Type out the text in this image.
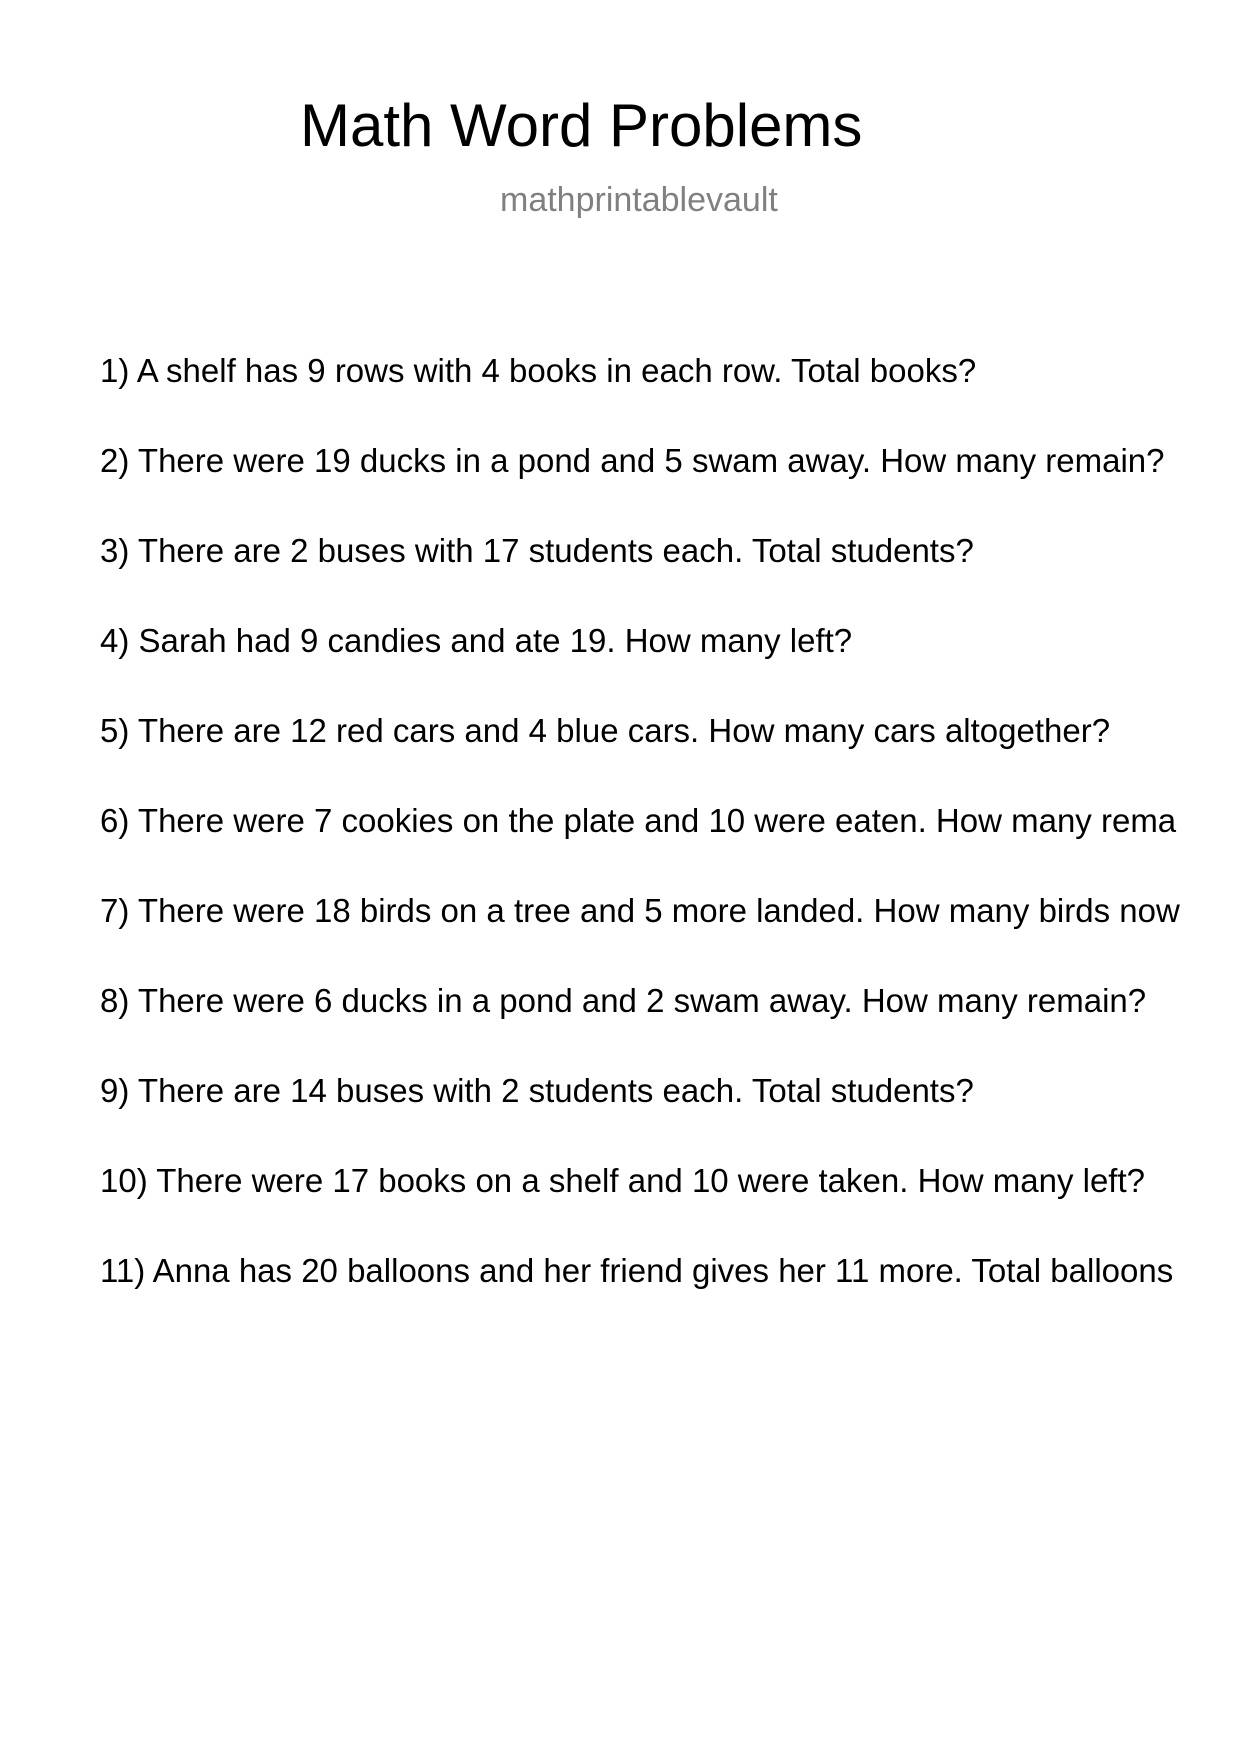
Math Word Problems
mathprintablevault
1) A shelf has 9 rows with 4 books in each row. Total books?
2) There were 19 ducks in a pond and 5 swam away. How many remain?
3) There are 2 buses with 17 students each. Total students?
4) Sarah had 9 candies and ate 19. How many left?
5) There are 12 red cars and 4 blue cars. How many cars altogether?
6) There were 7 cookies on the plate and 10 were eaten. How many rema
7) There were 18 birds on a tree and 5 more landed. How many birds now
8) There were 6 ducks in a pond and 2 swam away. How many remain?
9) There are 14 buses with 2 students each. Total students?
10) There were 17 books on a shelf and 10 were taken. How many left?
11) Anna has 20 balloons and her friend gives her 11 more. Total balloons
